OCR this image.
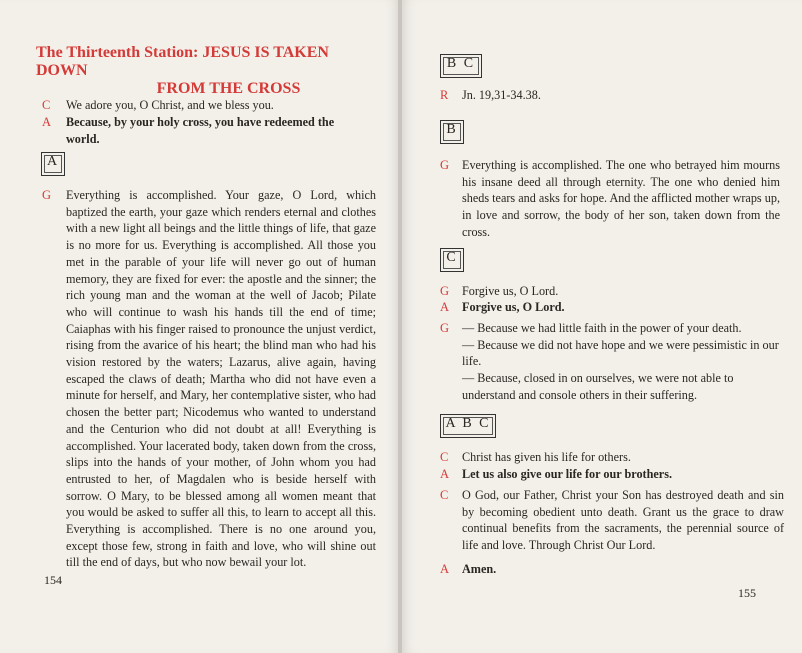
The Thirteenth Station: JESUS IS TAKEN DOWN
FROM THE CROSS
C We adore you, O Christ, and we bless you.
A Because, by your holy cross, you have redeemed the world.
A
G Everything is accomplished. Your gaze, O Lord, which baptized the earth, your gaze which renders eternal and clothes with a new light all beings and the little things of life, that gaze is no more for us. Everything is accomplished. All those you met in the parable of your life will never go out of human memory, they are fixed for ever: the apostle and the sinner; the rich young man and the woman at the well of Jacob; Pilate who will continue to wash his hands till the end of time; Caiaphas with his finger raised to pronounce the unjust verdict, rising from the avarice of his heart; the blind man who had his vision restored by the waters; Lazarus, alive again, having escaped the claws of death; Martha who did not have even a minute for herself, and Mary, her contemplative sister, who had chosen the better part; Nicodemus who wanted to understand and the Centurion who did not doubt at all! Everything is accomplished. Your lacerated body, taken down from the cross, slips into the hands of your mother, of John whom you had entrusted to her, of Magdalen who is beside herself with sorrow. O Mary, to be blessed among all women meant that you would be asked to suffer all this, to learn to accept all this. Everything is accomplished. There is no one around you, except those few, strong in faith and love, who will shine out till the end of days, but who now bewail your lot.
154
B C
R Jn. 19,31-34.38.
B
G Everything is accomplished. The one who betrayed him mourns his insane deed all through eternity. The one who denied him sheds tears and asks for hope. And the afflicted mother wraps up, in love and sorrow, the body of her son, taken down from the cross.
C
G Forgive us, O Lord.
A Forgive us, O Lord.
G — Because we had little faith in the power of your death.
— Because we did not have hope and we were pessimistic in our life.
— Because, closed in on ourselves, we were not able to understand and console others in their suffering.
A B C
C Christ has given his life for others.
A Let us also give our life for our brothers.
C O God, our Father, Christ your Son has destroyed death and sin by becoming obedient unto death. Grant us the grace to draw continual benefits from the sacraments, the perennial source of life and love. Through Christ Our Lord.
A Amen.
155
